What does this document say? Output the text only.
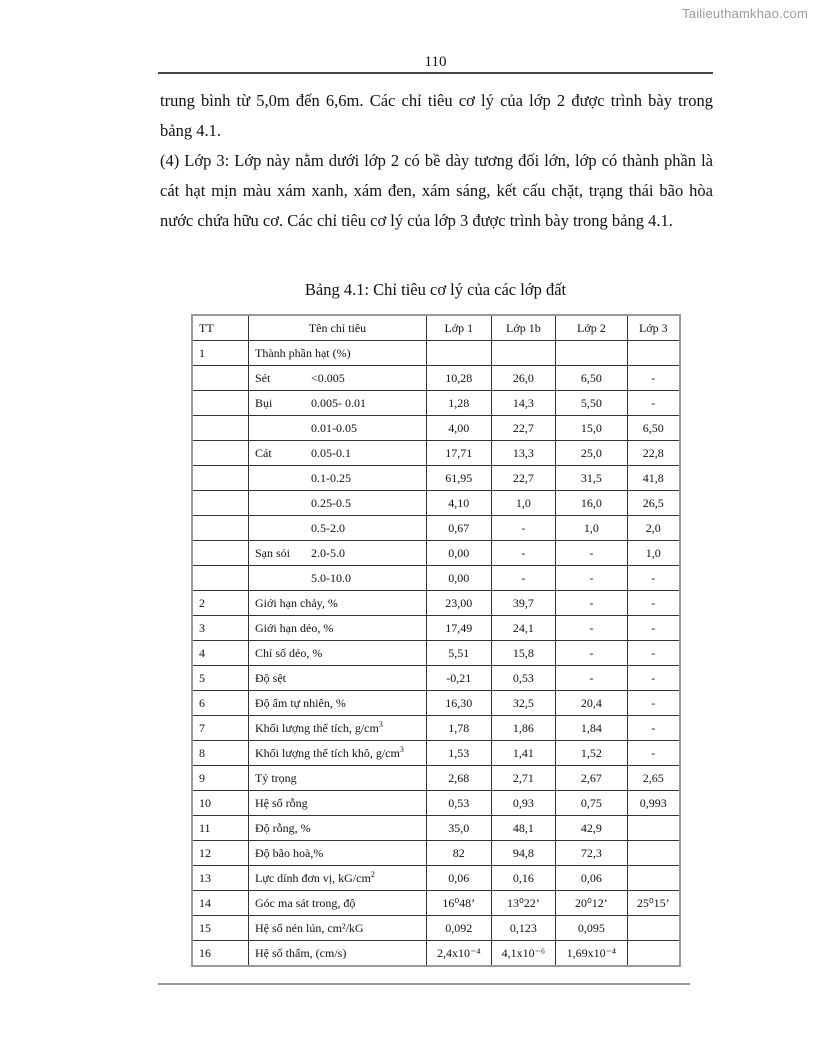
Tailieuthamkhao.com
110

trung bình từ 5,0m đến 6,6m. Các chỉ tiêu cơ lý của lớp 2 được trình bày trong bảng 4.1.

(4) Lớp 3: Lớp này nằm dưới lớp 2 có bề dày tương đối lớn, lớp có thành phần là cát hạt mịn màu xám xanh, xám đen, xám sáng, kết cấu chặt, trạng thái bão hòa nước chứa hữu cơ. Các chỉ tiêu cơ lý của lớp 3 được trình bày trong bảng 4.1.

Bảng 4.1: Chỉ tiêu cơ lý của các lớp đất
TT	Tên chỉ tiêu	Lớp 1	Lớp 1b	Lớp 2	Lớp 3
1	Thành phần hạt (%)				
	Sét <0.005	10,28	26,0	6,50	-
	Bụi 0.005- 0.01	1,28	14,3	5,50	-
	0.01-0.05	4,00	22,7	15,0	6,50
	Cát 0.05-0.1	17,71	13,3	25,0	22,8
	0.1-0.25	61,95	22,7	31,5	41,8
	0.25-0.5	4,10	1,0	16,0	26,5
	0.5-2.0	0,67	-	1,0	2,0
	Sạn sỏi 2.0-5.0	0,00	-	-	1,0
	5.0-10.0	0,00	-	-	-
2	Giới hạn chảy, %	23,00	39,7	-	-
3	Giới hạn dẻo, %	17,49	24,1	-	-
4	Chỉ số dẻo, %	5,51	15,8	-	-
5	Độ sệt	-0,21	0,53	-	-
6	Độ ẩm tự nhiên, %	16,30	32,5	20,4	-
7	Khối lượng thể tích, $g/cm^3$	1,78	1,86	1,84	-
8	Khối lượng thể tích khô, $g/cm^3$	1,53	1,41	1,52	-
9	Tỷ trọng	2,68	2,71	2,67	2,65
10	Hệ số rỗng	0,53	0,93	0,75	0,993
11	Độ rỗng, %	35,0	48,1	42,9	
12	Độ bão hoà,%	82	94,8	72,3	
13	Lực dính đơn vị, $kG/cm^2$	0,06	0,16	0,06	
14	Góc ma sát trong, độ	16⁰48’	13⁰22’	20⁰12’	25⁰15’
15	Hệ số nén lún, cm²/kG	0,092	0,123	0,095	
16	Hệ số thấm, (cm/s)	2,4x10⁻⁴	4,1x10⁻⁶	1,69x10⁻⁴	
